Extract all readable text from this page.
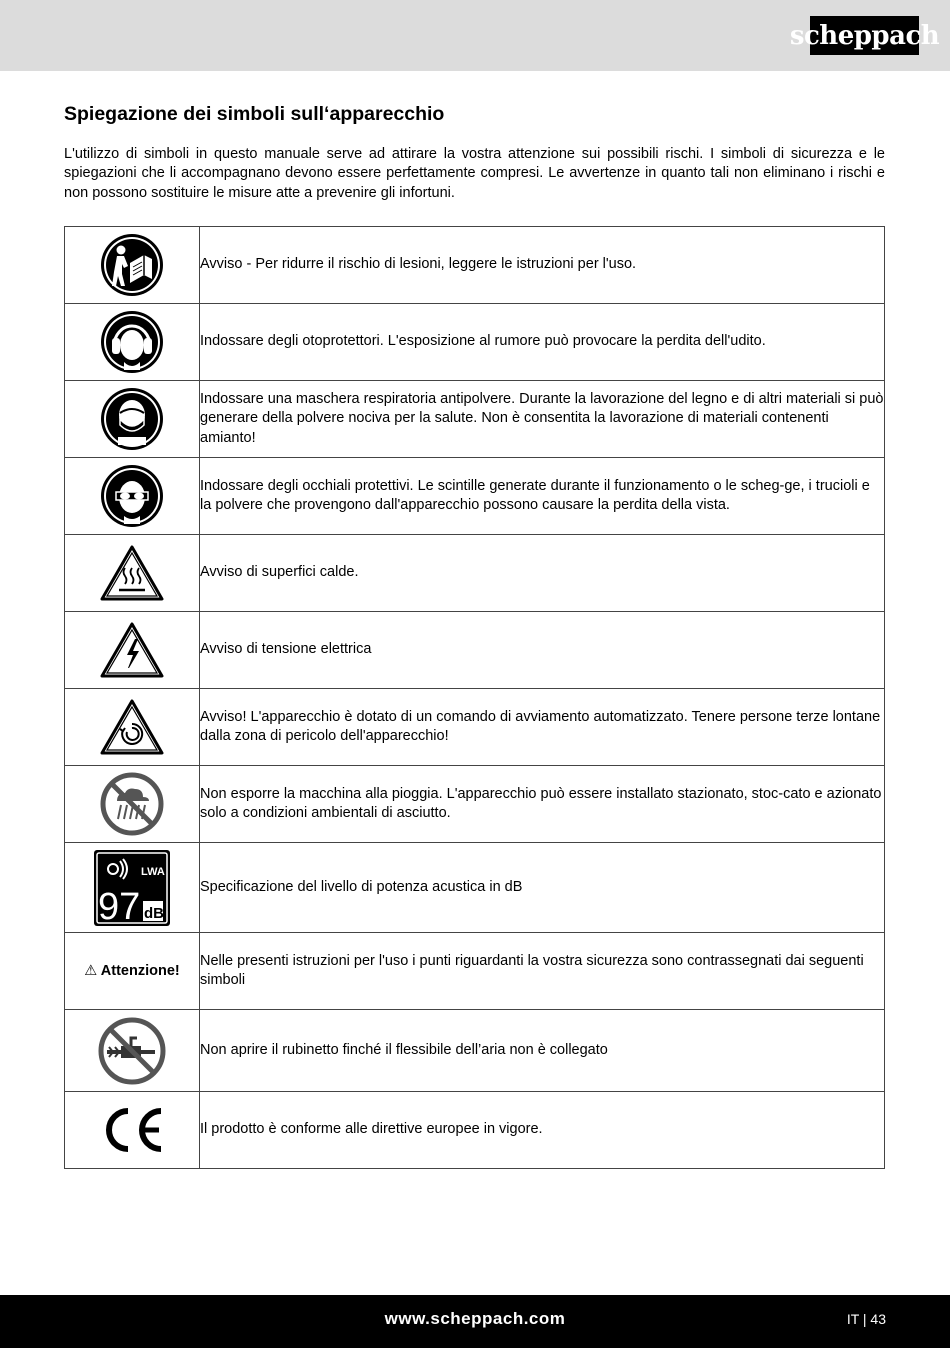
scheppach
Spiegazione dei simboli sull‘apparecchio

L'utilizzo di simboli in questo manuale serve ad attirare la vostra attenzione sui possibili rischi. I simboli di sicurezza e le spiegazioni che li accompagnano devono essere perfettamente compresi. Le avvertenze in quanto tali non eliminano i rischi e non possono sostituire le misure atte a prevenire gli infortuni.

	Avviso - Per ridurre il rischio di lesioni, leggere le istruzioni per l'uso.

	Indossare degli otoprotettori. L'esposizione al rumore può provocare la perdita dell'udito.

	Indossare una maschera respiratoria antipolvere. Durante la lavorazione del legno e di altri materiali si può generare della polvere nociva per la salute. Non è consentita la lavorazione di materiali contenenti amianto!

	Indossare degli occhiali protettivi. Le scintille generate durante il funzionamento o le scheg-ge, i trucioli e la polvere che provengono dall'apparecchio possono causare la perdita della vista.

	Avviso di superfici calde.

	Avviso di tensione elettrica

	Avviso! L'apparecchio è dotato di un comando di avviamento automatizzato. Tenere persone terze lontane dalla zona di pericolo dell'apparecchio!

	Non esporre la macchina alla pioggia. L'apparecchio può essere installato stazionato, stoc-cato e azionato solo a condizioni ambientali di asciutto.

LWA
97 dB	Specificazione del livello di potenza acustica in dB
⚠ Attenzione!	Nelle presenti istruzioni per l'uso i punti riguardanti la vostra sicurezza sono contrassegnati dai seguenti simboli

	Non aprire il rubinetto finché il flessibile dell’aria non è collegato

	Il prodotto è conforme alle direttive europee in vigore.
www.scheppach.com	IT | 43
